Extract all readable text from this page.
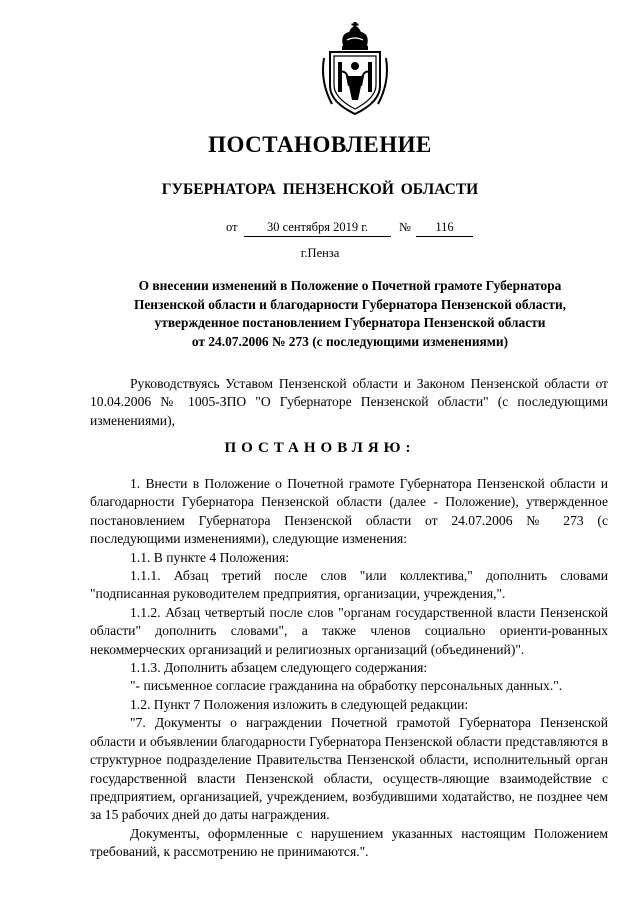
ПОСТАНОВЛЕНИЕ
ГУБЕРНАТОРА ПЕНЗЕНСКОЙ ОБЛАСТИ
от	30 сентября 2019 г.	№	116
г.Пенза
О внесении изменений в Положение о Почетной грамоте Губернатора
Пензенской области и благодарности Губернатора Пензенской области,
утвержденное постановлением Губернатора Пензенской области
от 24.07.2006 № 273 (с последующими изменениями)

Руководствуясь Уставом Пензенской области и Законом Пензенской области от 10.04.2006 № 1005-ЗПО "О Губернаторе Пензенской области" (с последующими изменениями),

ПОСТАНОВЛЯЮ:

1. Внести в Положение о Почетной грамоте Губернатора Пензенской области и благодарности Губернатора Пензенской области (далее - Положение), утвержденное постановлением Губернатора Пензенской области от 24.07.2006 № 273 (с последующими изменениями), следующие изменения:

1.1. В пункте 4 Положения:

1.1.1. Абзац третий после слов "или коллектива," дополнить словами "подписанная руководителем предприятия, организации, учреждения,".

1.1.2. Абзац четвертый после слов "органам государственной власти Пензенской области" дополнить словами", а также членов социально ориенти-рованных некоммерческих организаций и религиозных организаций (объединений)".

1.1.3. Дополнить абзацем следующего содержания:

"- письменное согласие гражданина на обработку персональных данных.".

1.2. Пункт 7 Положения изложить в следующей редакции:

"7. Документы о награждении Почетной грамотой Губернатора Пензенской области и объявлении благодарности Губернатора Пензенской области представляются в структурное подразделение Правительства Пензенской области, исполнительный орган государственной власти Пензенской области, осуществ-ляющие взаимодействие с предприятием, организацией, учреждением, возбудившими ходатайство, не позднее чем за 15 рабочих дней до даты награждения.

Документы, оформленные с нарушением указанных настоящим Положением требований, к рассмотрению не принимаются.".
